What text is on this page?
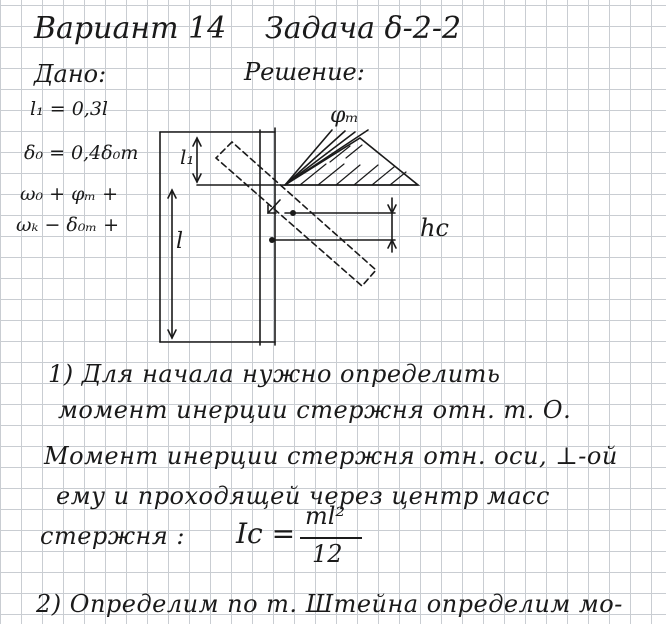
Вариант 14 Задача δ-2-2
Дано:	Решение:
l₁ = 0,3l
δ₀ = 0,4δ₀т
ω₀ + φₘ +
ωₖ − δ₀ₘ +
φₘ
l₁
l	hc
1) Для начала нужно определить
момент инерции стержня отн. т. О.
Момент инерции стержня отн. оси, ⊥-ой
ему и проходящей через центр масс
стержня : Iс =
ml²
12
2) Определим по т. Штейна определим мо-
